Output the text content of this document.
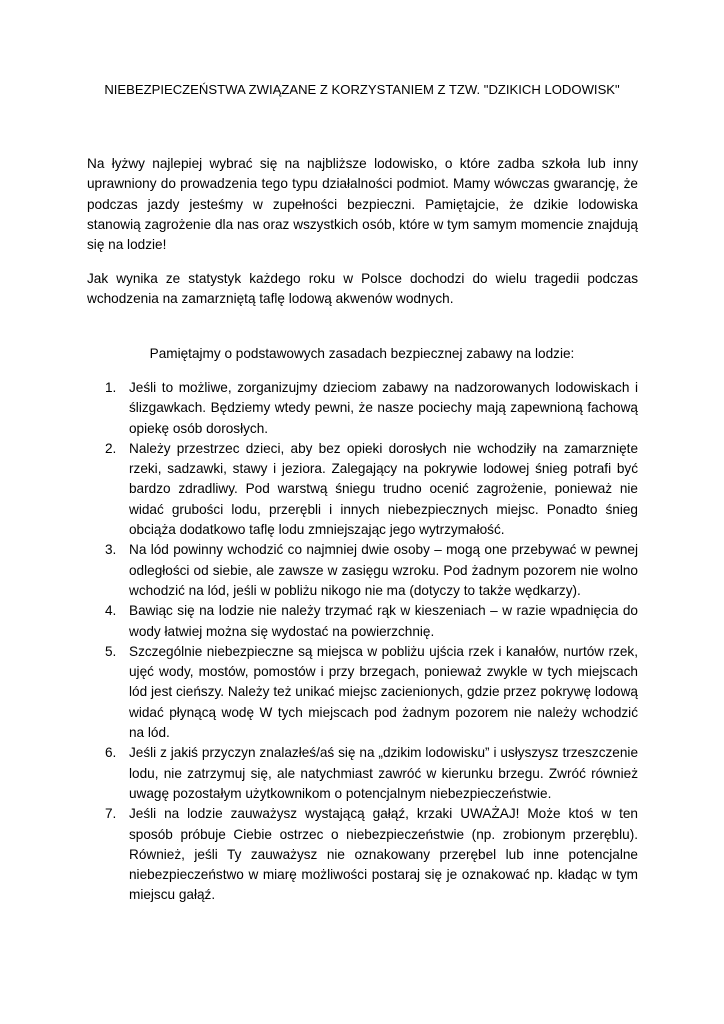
NIEBEZPIECZEŃSTWA ZWIĄZANE Z KORZYSTANIEM Z TZW. "DZIKICH LODOWISK"

Na łyżwy najlepiej wybrać się na najbliższe lodowisko, o które zadba szkoła lub inny uprawniony do prowadzenia tego typu działalności podmiot. Mamy wówczas gwarancję, że podczas jazdy jesteśmy w zupełności bezpieczni. Pamiętajcie, że dzikie lodowiska stanowią zagrożenie dla nas oraz wszystkich osób, które w tym samym momencie znajdują się na lodzie!

Jak wynika ze statystyk każdego roku w Polsce dochodzi do wielu tragedii podczas wchodzenia na zamarzniętą taflę lodową akwenów wodnych.

Pamiętajmy o podstawowych zasadach bezpiecznej zabawy na lodzie:

1. Jeśli to możliwe, zorganizujmy dzieciom zabawy na nadzorowanych lodowiskach i ślizgawkach. Będziemy wtedy pewni, że nasze pociechy mają zapewnioną fachową opiekę osób dorosłych.
2. Należy przestrzec dzieci, aby bez opieki dorosłych nie wchodziły na zamarznięte rzeki, sadzawki, stawy i jeziora. Zalegający na pokrywie lodowej śnieg potrafi być bardzo zdradliwy. Pod warstwą śniegu trudno ocenić zagrożenie, ponieważ nie widać grubości lodu, przerębli i innych niebezpiecznych miejsc. Ponadto śnieg obciąża dodatkowo taflę lodu zmniejszając jego wytrzymałość.
3. Na lód powinny wchodzić co najmniej dwie osoby – mogą one przebywać w pewnej odległości od siebie, ale zawsze w zasięgu wzroku. Pod żadnym pozorem nie wolno wchodzić na lód, jeśli w pobliżu nikogo nie ma (dotyczy to także wędkarzy).
4. Bawiąc się na lodzie nie należy trzymać rąk w kieszeniach – w razie wpadnięcia do wody łatwiej można się wydostać na powierzchnię.
5. Szczególnie niebezpieczne są miejsca w pobliżu ujścia rzek i kanałów, nurtów rzek, ujęć wody, mostów, pomostów i przy brzegach, ponieważ zwykle w tych miejscach lód jest cieńszy. Należy też unikać miejsc zacienionych, gdzie przez pokrywę lodową widać płynącą wodę W tych miejscach pod żadnym pozorem nie należy wchodzić na lód.
6. Jeśli z jakiś przyczyn znalazłeś/aś się na „dzikim lodowisku” i usłyszysz trzeszczenie lodu, nie zatrzymuj się, ale natychmiast zawróć w kierunku brzegu. Zwróć również uwagę pozostałym użytkownikom o potencjalnym niebezpieczeństwie.
7. Jeśli na lodzie zauważysz wystającą gałąź, krzaki UWAŻAJ! Może ktoś w ten sposób próbuje Ciebie ostrzec o niebezpieczeństwie (np. zrobionym przeręblu). Również, jeśli Ty zauważysz nie oznakowany przerębel lub inne potencjalne niebezpieczeństwo w miarę możliwości postaraj się je oznakować np. kładąc w tym miejscu gałąź.
